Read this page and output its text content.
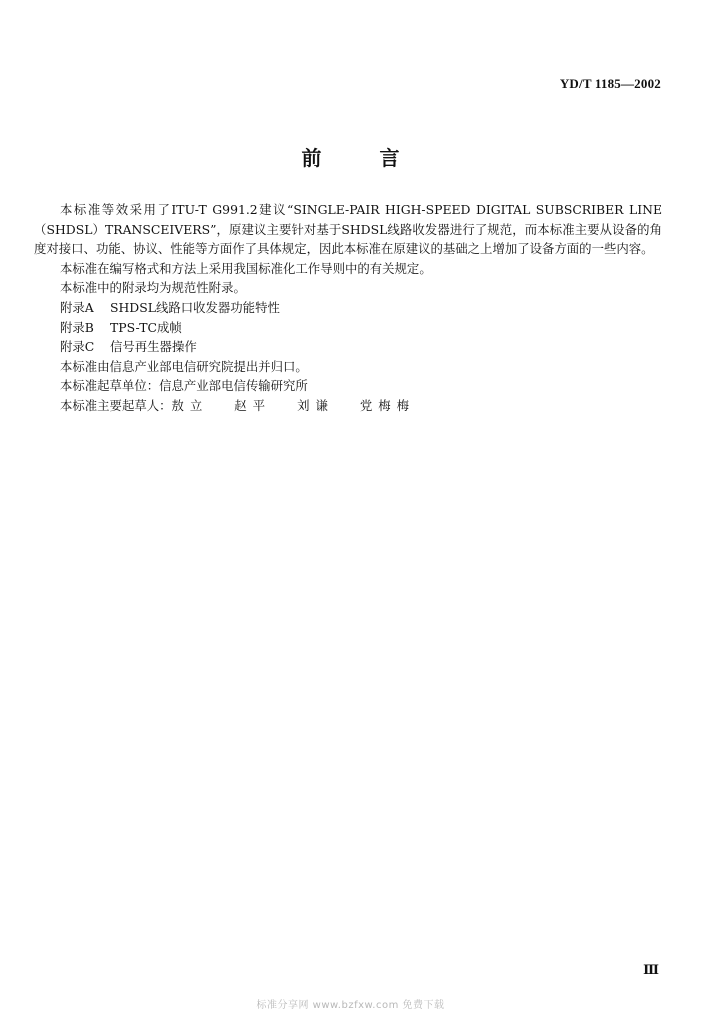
YD/T 1185—2002
前言

本标准等效采用了ITU-T G991.2建议“SINGLE-PAIR HIGH-SPEED DIGITAL SUBSCRIBER LINE（SHDSL）TRANSCEIVERS”，原建议主要针对基于SHDSL线路收发器进行了规范，而本标准主要从设备的角度对接口、功能、协议、性能等方面作了具体规定，因此本标准在原建议的基础之上增加了设备方面的一些内容。

本标准在编写格式和方法上采用我国标准化工作导则中的有关规定。

本标准中的附录均为规范性附录。

附录A SHDSL线路口收发器功能特性
附录B TPS-TC成帧
附录C 信号再生器操作

本标准由信息产业部电信研究院提出并归口。

本标准起草单位：信息产业部电信传输研究所

本标准主要起草人：敖立 赵平 刘谦 党梅梅
Ⅲ
标准分享网 www.bzfxw.com 免费下载
